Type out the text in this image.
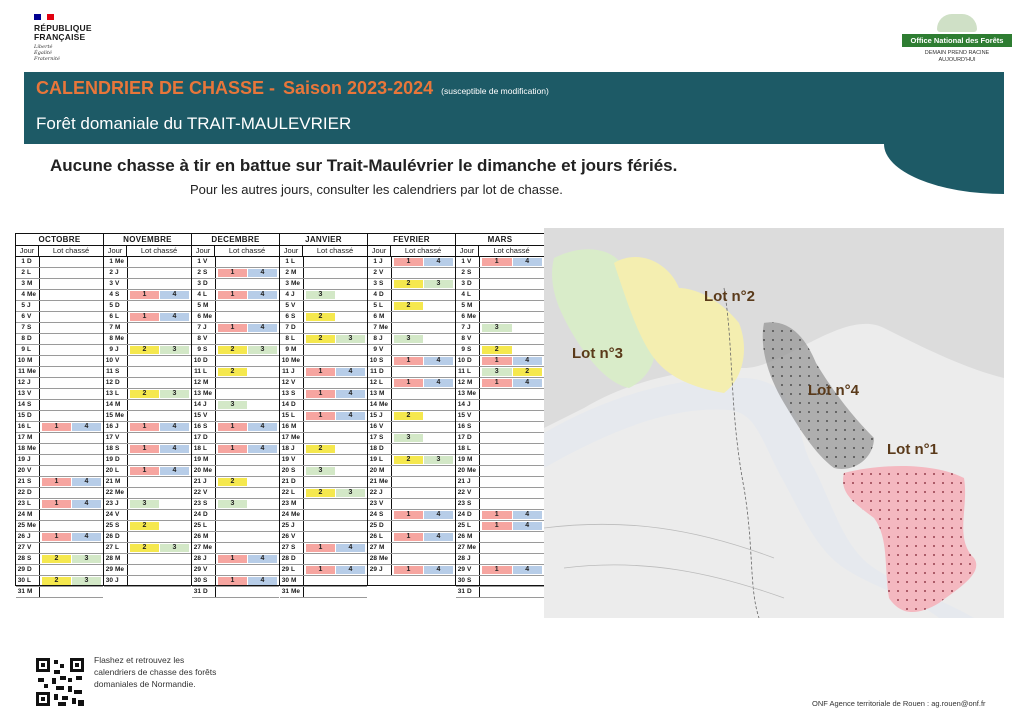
RÉPUBLIQUE
FRANÇAISE
Liberté
Égalité
Fraternité
Office National des Forêts
DEMAIN PREND RACINE
AUJOURD'HUI
CALENDRIER DE CHASSE - Saison 2023-2024 (susceptible de modification)
Forêt domaniale du TRAIT-MAULEVRIER
Aucune chasse à tir en battue sur Trait-Maulévrier le dimanche et jours fériés.
Pour les autres jours, consulter les calendriers par lot de chasse.
OCTOBRE
Jour	Lot chassé
1 D
2 L
3 M
4 Me
5 J
6 V
7 S
8 D
9 L
10 M
11 Me
12 J
13 V
14 S
15 D
16 L	1	4
17 M
18 Me
19 J
20 V
21 S	1	4
22 D
23 L	1	4
24 M
25 Me
26 J	1	4
27 V
28 S	2	3
29 D
30 L	2	3
31 M
NOVEMBRE
Jour	Lot chassé
1 Me
2 J
3 V
4 S	1	4
5 D
6 L	1	4
7 M
8 Me
9 J	2	3
10 V
11 S
12 D
13 L	2	3
14 M
15 Me
16 J	1	4
17 V
18 S	1	4
19 D
20 L	1	4
21 M
22 Me
23 J	3
24 V
25 S	2
26 D
27 L	2	3
28 M
29 Me
30 J
DECEMBRE
Jour	Lot chassé
1 V
2 S	1	4
3 D
4 L	1	4
5 M
6 Me
7 J	1	4
8 V
9 S	2	3
10 D
11 L	2
12 M
13 Me
14 J	3
15 V
16 S	1	4
17 D
18 L	1	4
19 M
20 Me
21 J	2
22 V
23 S	3
24 D
25 L
26 M
27 Me
28 J	1	4
29 V
30 S	1	4
31 D
JANVIER
Jour	Lot chassé
1 L
2 M
3 Me
4 J	3
5 V
6 S	2
7 D
8 L	2	3
9 M
10 Me
11 J	1	4
12 V
13 S	1	4
14 D
15 L	1	4
16 M
17 Me
18 J	2
19 V
20 S	3
21 D
22 L	2	3
23 M
24 Me
25 J
26 V
27 S	1	4
28 D
29 L	1	4
30 M
31 Me
FEVRIER
Jour	Lot chassé
1 J	1	4
2 V
3 S	2	3
4 D
5 L	2
6 M
7 Me
8 J	3
9 V
10 S	1	4
11 D
12 L	1	4
13 M
14 Me
15 J	2
16 V
17 S	3
18 D
19 L	2	3
20 M
21 Me
22 J
23 V
24 S	1	4
25 D
26 L	1	4
27 M
28 Me
29 J	1	4
MARS
Jour	Lot chassé
1 V	1	4
2 S
3 D
4 L
5 M
6 Me
7 J	3
8 V
9 S	2
10 D	1	4
11 L	3	2
12 M	1	4
13 Me
14 J
15 V
16 S
17 D
18 L
19 M
20 Me
21 J
22 V
23 S
24 D	1	4
25 L	1	4
26 M
27 Me
28 J
29 V	1	4
30 S
31 D
Lot n°2
Lot n°3
Lot n°4
Lot n°1
Flashez et retrouvez les calendriers de chasse des forêts domaniales de Normandie.
ONF Agence territoriale de Rouen : ag.rouen@onf.fr
